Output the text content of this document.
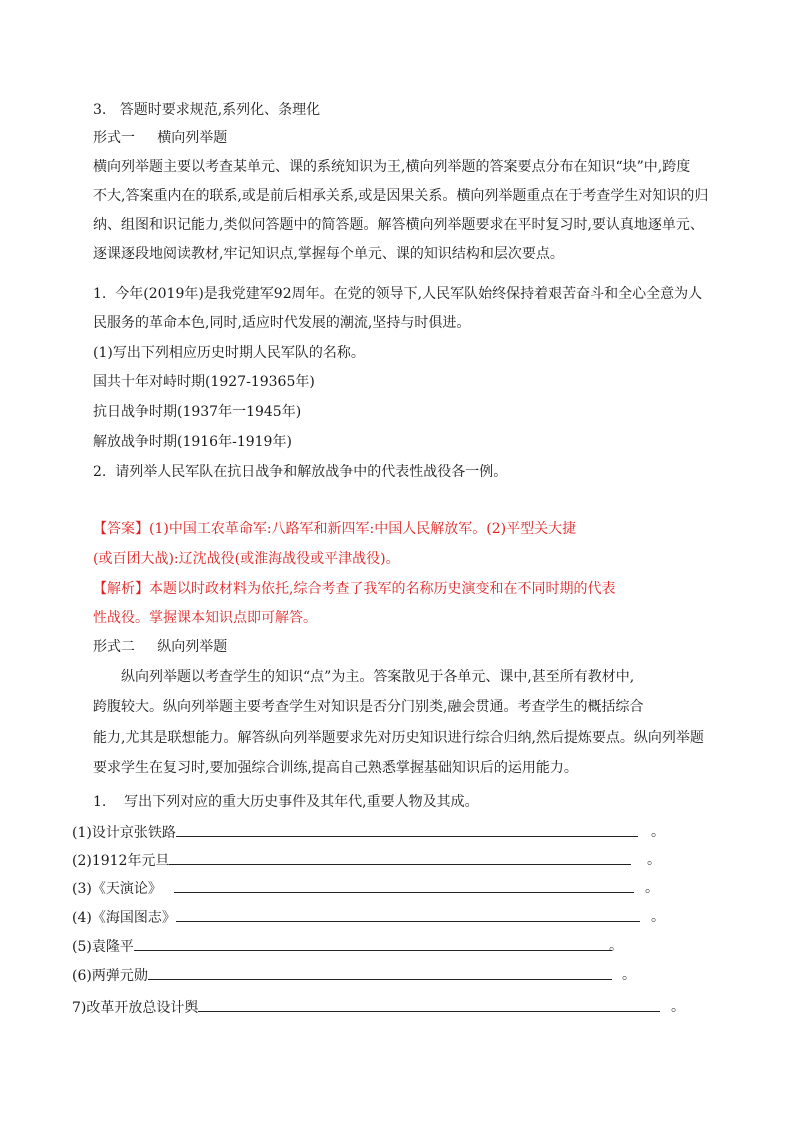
3.   答题时要求规范,系列化、条理化
形式一     横向列举题
横向列举题主要以考查某单元、课的系统知识为王,横向列举题的答案要点分布在知识“块”中,跨度
不大,答案重内在的联系,或是前后相承关系,或是因果关系。横向列举题重点在于考查学生对知识的归
纳、组图和识记能力,类似问答题中的简答题。解答横向列举题要求在平时复习时,要认真地逐单元、
逐课逐段地阅读教材,牢记知识点,掌握每个单元、课的知识结构和层次要点。
1.  今年(2019年)是我党建军92周年。在党的领导下,人民军队始终保持着艰苦奋斗和全心全意为人
民服务的革命本色,同时,适应时代发展的潮流,坚持与时俱进。
(1)写出下列相应历史时期人民军队的名称。
国共十年对峙时期(1927-19365年)
抗日战争时期(1937年一1945年)
解放战争时期(1916年-1919年)
2.  请列举人民军队在抗日战争和解放战争中的代表性战役各一例。
【答案】(1)中国工农革命军:八路军和新四军:中国人民解放军。(2)平型关大捷
(或百团大战):辽沈战役(或淮海战役或平津战役)。
【解析】本题以时政材料为依托,综合考查了我军的名称历史演变和在不同时期的代表
性战役。掌握课本知识点即可解答。
形式二     纵向列举题
纵向列举题以考查学生的知识“点”为主。答案散见于各单元、课中,甚至所有教材中,
跨腹较大。纵向列举题主要考查学生对知识是否分门别类,融会贯通。考查学生的概括综合
能力,尤其是联想能力。解答纵向列举题要求先对历史知识进行综合归纳,然后提炼要点。纵向列举题
要求学生在复习时,要加强综合训练,提高自己熟悉掌握基础知识后的运用能力。
1.    写出下列对应的重大历史事件及其年代,重要人物及其成。
(1)设计京张铁路	。
(2)1912年元旦	。
(3)《天演论》	。
(4)《海国图志》	。
(5)袁隆平	。
(6)两弹元勋	。
7)改革开放总设计舆	。
